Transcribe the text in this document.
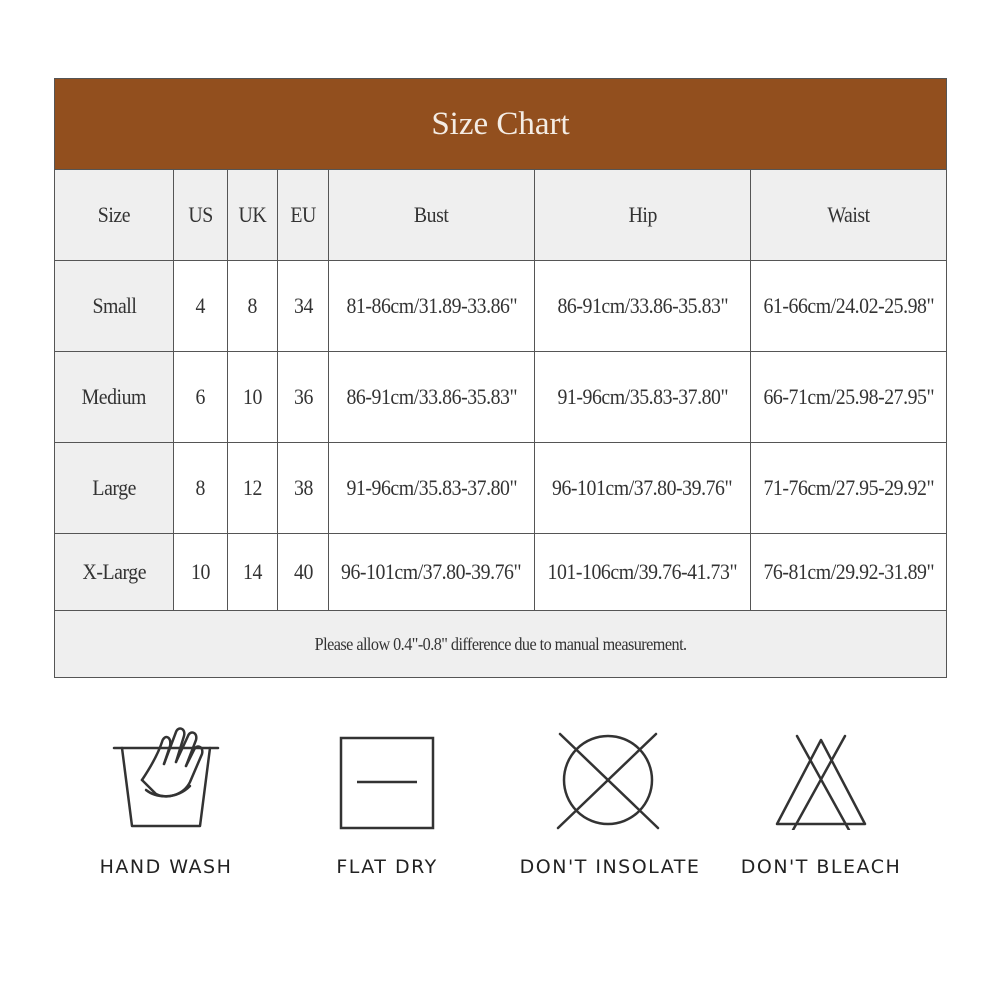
Size Chart						
Size	US	UK	EU	Bust	Hip	Waist
Small	4	8	34	81-86cm/31.89-33.86"	86-91cm/33.86-35.83"	61-66cm/24.02-25.98"
Medium	6	10	36	86-91cm/33.86-35.83"	91-96cm/35.83-37.80"	66-71cm/25.98-27.95"
Large	8	12	38	91-96cm/35.83-37.80"	96-101cm/37.80-39.76"	71-76cm/27.95-29.92"
X-Large	10	14	40	96-101cm/37.80-39.76"	101-106cm/39.76-41.73"	76-81cm/29.92-31.89"
Please allow 0.4"-0.8" difference due to manual measurement.						
HAND WASH	FLAT DRY	DON'T INSOLATE	DON'T BLEACH
